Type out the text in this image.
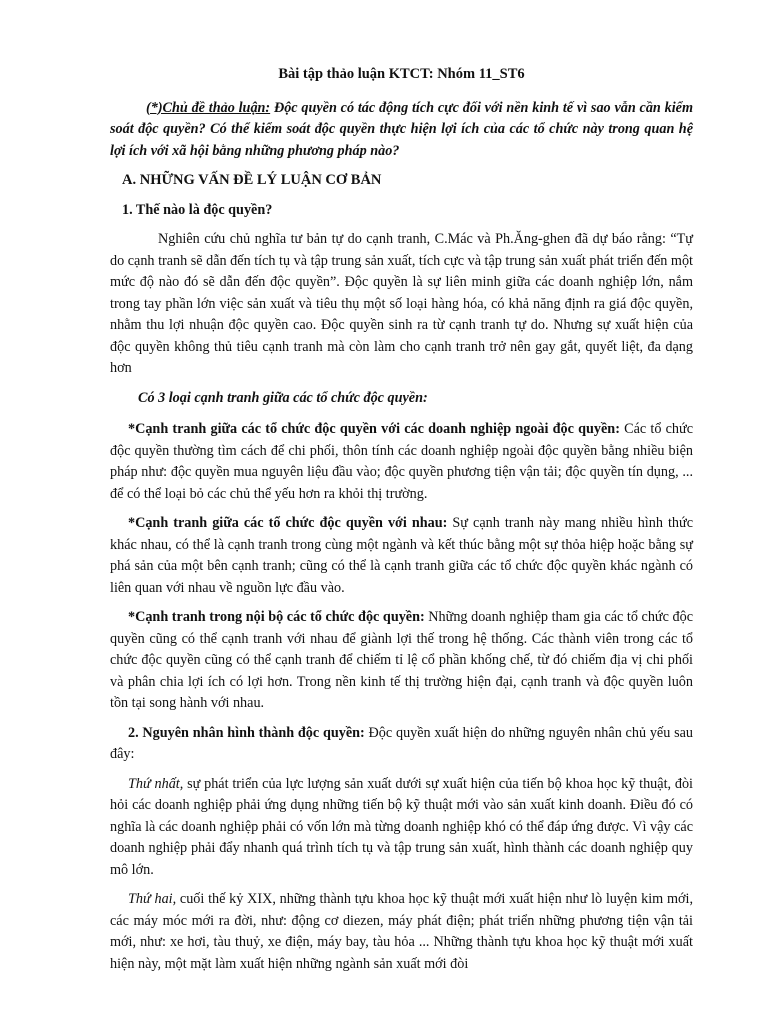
Bài tập thảo luận KTCT: Nhóm 11_ST6

(*)Chủ đề thảo luận: Độc quyền có tác động tích cực đối với nền kinh tế vì sao vẫn cần kiểm soát độc quyền? Có thể kiểm soát độc quyền thực hiện lợi ích của các tổ chức này trong quan hệ lợi ích với xã hội bằng những phương pháp nào?

A. NHỮNG VẤN ĐỀ LÝ LUẬN CƠ BẢN
1. Thế nào là độc quyền?

Nghiên cứu chủ nghĩa tư bản tự do cạnh tranh, C.Mác và Ph.Ăng-ghen đã dự báo rằng: “Tự do cạnh tranh sẽ dẫn đến tích tụ và tập trung sản xuất, tích cực và tập trung sản xuất phát triển đến một mức độ nào đó sẽ dẫn đến độc quyền”. Độc quyền là sự liên minh giữa các doanh nghiệp lớn, nắm trong tay phần lớn việc sản xuất và tiêu thụ một số loại hàng hóa, có khả năng định ra giá độc quyền, nhằm thu lợi nhuận độc quyền cao. Độc quyền sinh ra từ cạnh tranh tự do. Nhưng sự xuất hiện của độc quyền không thủ tiêu cạnh tranh mà còn làm cho cạnh tranh trở nên gay gắt, quyết liệt, đa dạng hơn

Có 3 loại cạnh tranh giữa các tổ chức độc quyền:

*Cạnh tranh giữa các tổ chức độc quyền với các doanh nghiệp ngoài độc quyền: Các tổ chức độc quyền thường tìm cách để chi phối, thôn tính các doanh nghiệp ngoài độc quyền bằng nhiều biện pháp như: độc quyền mua nguyên liệu đầu vào; độc quyền phương tiện vận tải; độc quyền tín dụng, ... để có thể loại bỏ các chủ thể yếu hơn ra khỏi thị trường.

*Cạnh tranh giữa các tổ chức độc quyền với nhau: Sự cạnh tranh này mang nhiều hình thức khác nhau, có thể là cạnh tranh trong cùng một ngành và kết thúc bằng một sự thỏa hiệp hoặc bằng sự phá sản của một bên cạnh tranh; cũng có thể là cạnh tranh giữa các tổ chức độc quyền khác ngành có liên quan với nhau về nguồn lực đầu vào.

*Cạnh tranh trong nội bộ các tổ chức độc quyền: Những doanh nghiệp tham gia các tổ chức độc quyền cũng có thể cạnh tranh với nhau để giành lợi thế trong hệ thống. Các thành viên trong các tổ chức độc quyền cũng có thể cạnh tranh để chiếm tỉ lệ cổ phần khống chế, từ đó chiếm địa vị chi phối và phân chia lợi ích có lợi hơn. Trong nền kinh tế thị trường hiện đại, cạnh tranh và độc quyền luôn tồn tại song hành với nhau.

2. Nguyên nhân hình thành độc quyền: Độc quyền xuất hiện do những nguyên nhân chủ yếu sau đây:

Thứ nhất, sự phát triển của lực lượng sản xuất dưới sự xuất hiện của tiến bộ khoa học kỹ thuật, đòi hỏi các doanh nghiệp phải ứng dụng những tiến bộ kỹ thuật mới vào sản xuất kinh doanh. Điều đó có nghĩa là các doanh nghiệp phải có vốn lớn mà từng doanh nghiệp khó có thể đáp ứng được. Vì vậy các doanh nghiệp phải đẩy nhanh quá trình tích tụ và tập trung sản xuất, hình thành các doanh nghiệp quy mô lớn.

Thứ hai, cuối thế kỷ XIX, những thành tựu khoa học kỹ thuật mới xuất hiện như lò luyện kim mới, các máy móc mới ra đời, như: động cơ diezen, máy phát điện; phát triển những phương tiện vận tải mới, như: xe hơi, tàu thuỷ, xe điện, máy bay, tàu hỏa ... Những thành tựu khoa học kỹ thuật mới xuất hiện này, một mặt làm xuất hiện những ngành sản xuất mới đòi
